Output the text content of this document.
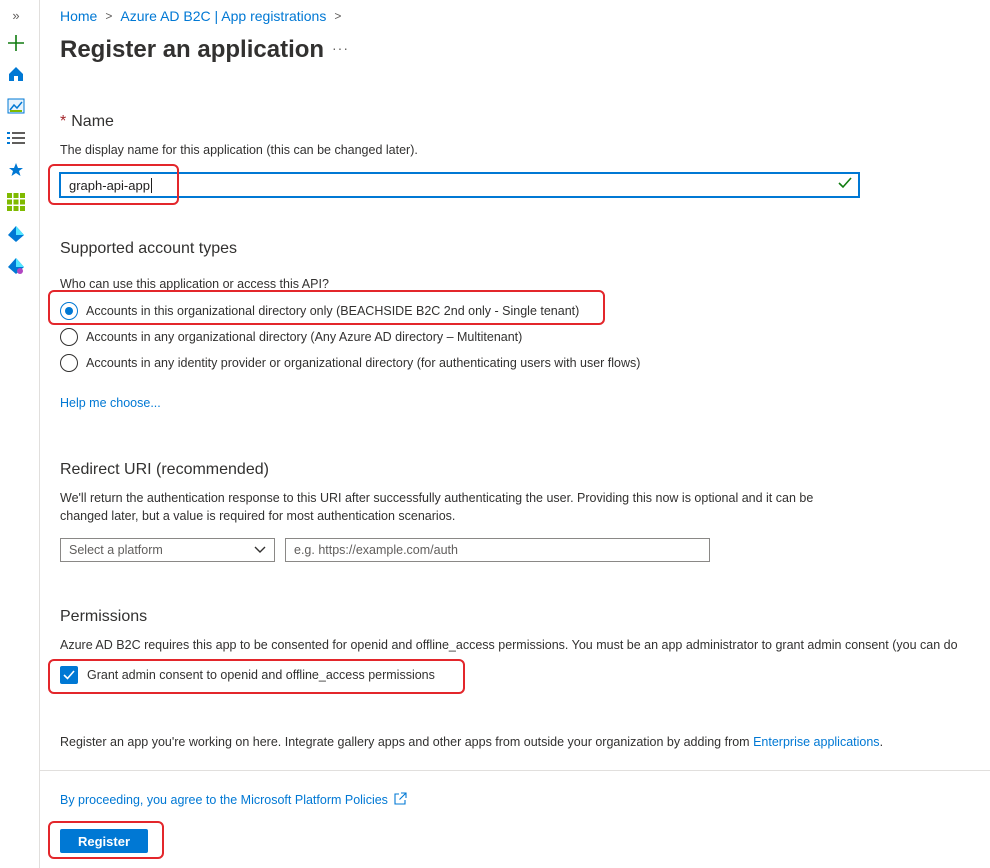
»	Home > Azure AD B2C | App registrations >
Register an application ···
* Name
The display name for this application (this can be changed later).
graph-api-app
Supported account types
Who can use this application or access this API?
Accounts in this organizational directory only (BEACHSIDE B2C 2nd only - Single tenant)
Accounts in any organizational directory (Any Azure AD directory – Multitenant)
Accounts in any identity provider or organizational directory (for authenticating users with user flows)
Help me choose...
Redirect URI (recommended)
We'll return the authentication response to this URI after successfully authenticating the user. Providing this now is optional and it can be changed later, but a value is required for most authentication scenarios.
Select a platform	e.g. https://example.com/auth
Permissions
Azure AD B2C requires this app to be consented for openid and offline_access permissions. You must be an app administrator to grant admin consent (you can do
Grant admin consent to openid and offline_access permissions
Register an app you're working on here. Integrate gallery apps and other apps from outside your organization by adding from Enterprise applications.
By proceeding, you agree to the Microsoft Platform Policies
Register
